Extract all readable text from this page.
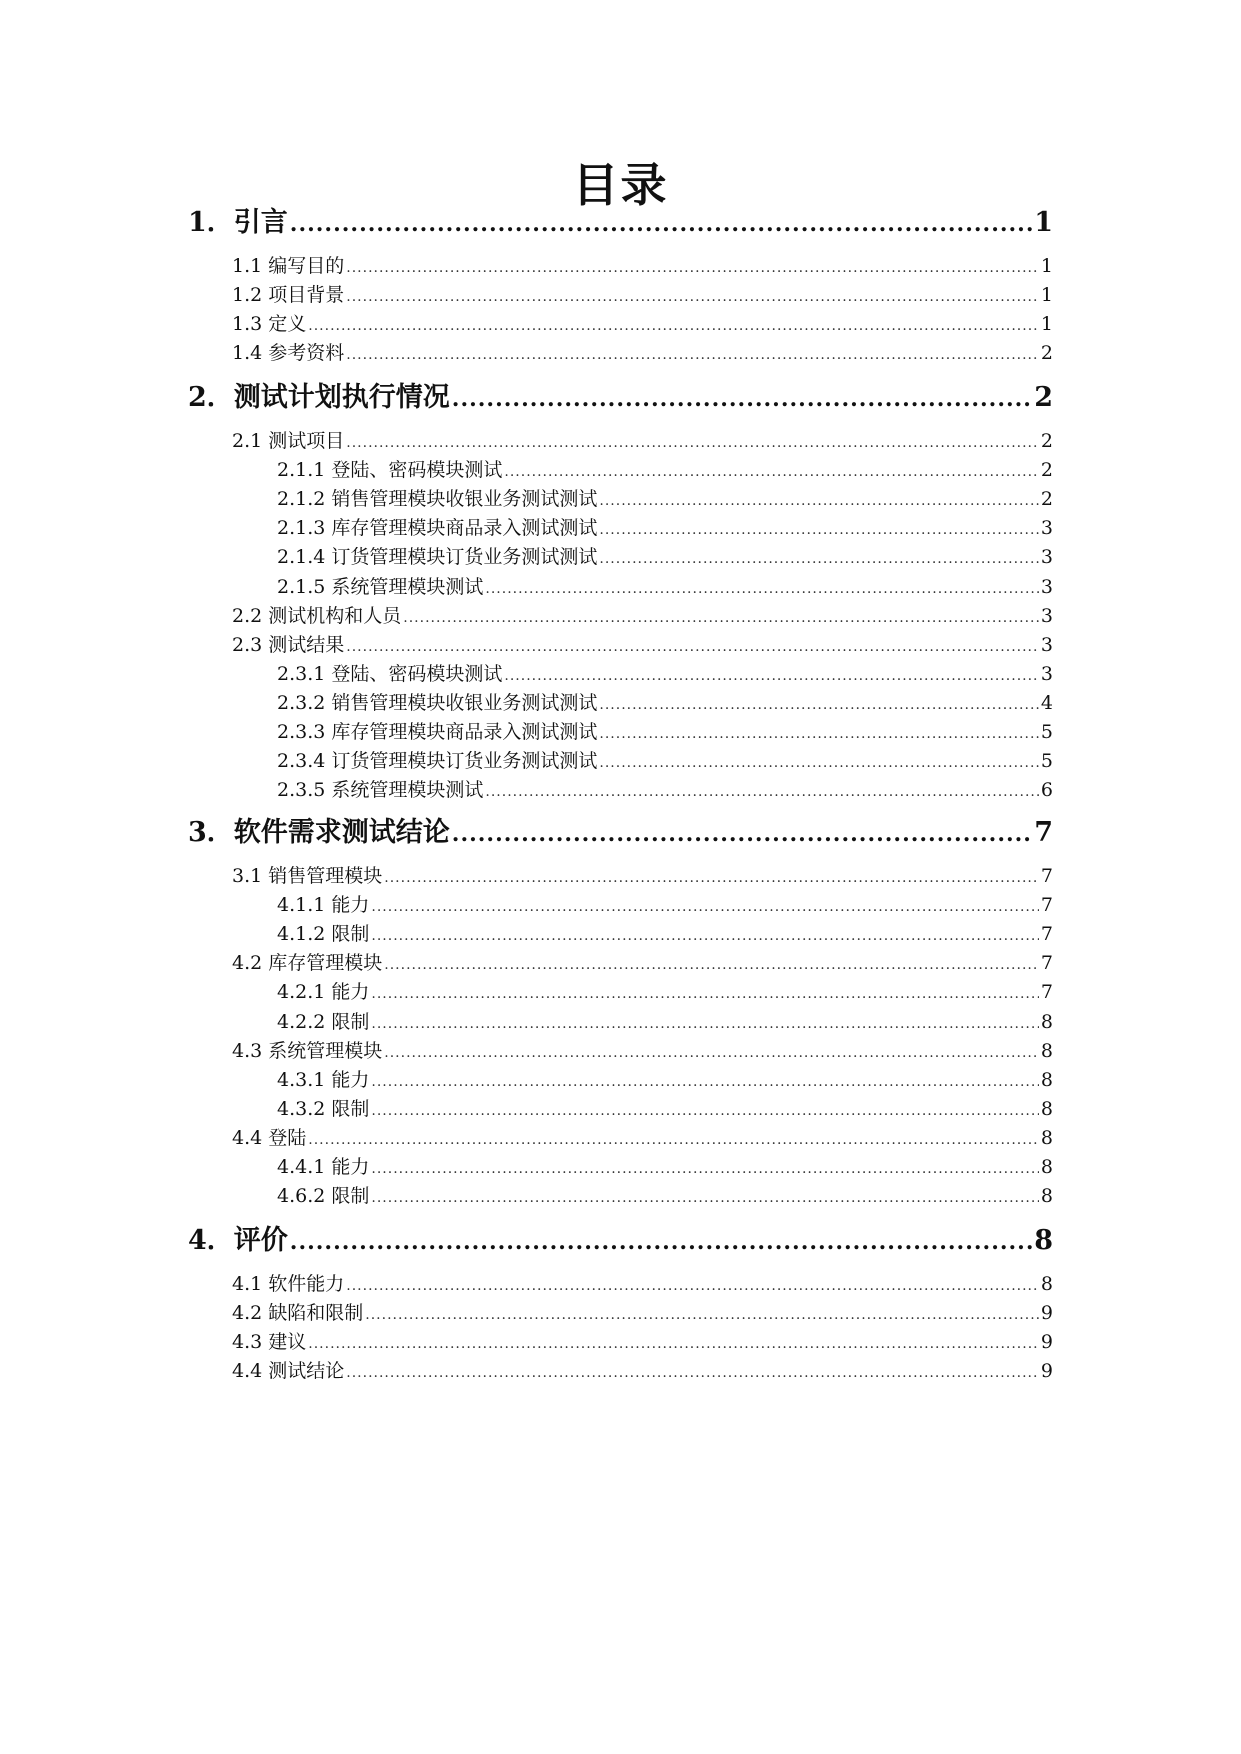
目录
1．引言 .....	1
1.1 编写目的 .....	1
1.2 项目背景 .....	1
1.3 定义 .....	1
1.4 参考资料 .....	2
2．测试计划执行情况 .....	2
2.1 测试项目 .....	2
2.1.1 登陆、密码模块测试 .....	2
2.1.2 销售管理模块收银业务测试测试 .....	2
2.1.3 库存管理模块商品录入测试测试 .....	3
2.1.4 订货管理模块订货业务测试测试 .....	3
2.1.5 系统管理模块测试 .....	3
2.2 测试机构和人员 .....	3
2.3 测试结果 .....	3
2.3.1 登陆、密码模块测试 .....	3
2.3.2 销售管理模块收银业务测试测试 .....	4
2.3.3 库存管理模块商品录入测试测试 .....	5
2.3.4 订货管理模块订货业务测试测试 .....	5
2.3.5 系统管理模块测试 .....	6
3．软件需求测试结论 .....	7
3.1 销售管理模块 .....	7
4.1.1 能力 .....	7
4.1.2 限制 .....	7
4.2 库存管理模块 .....	7
4.2.1 能力 .....	7
4.2.2 限制 .....	8
4.3 系统管理模块 .....	8
4.3.1 能力 .....	8
4.3.2 限制 .....	8
4.4 登陆 .....	8
4.4.1 能力 .....	8
4.6.2 限制 .....	8
4．评价 .....	8
4.1 软件能力 .....	8
4.2 缺陷和限制 .....	9
4.3 建议 .....	9
4.4 测试结论 .....	9
